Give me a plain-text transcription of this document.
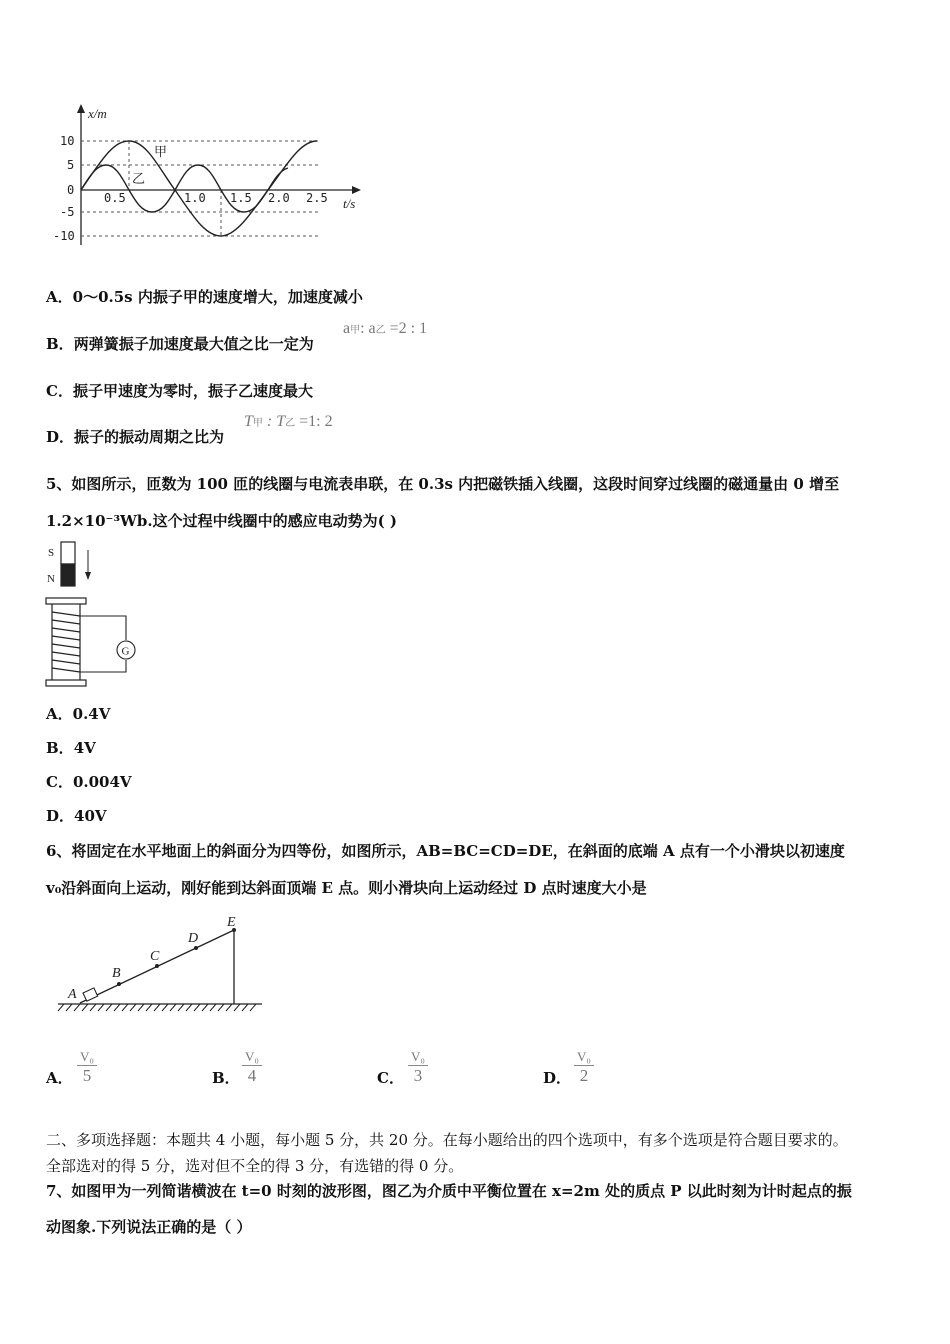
x/m
t/s
10
5
0
-5
-10
0.5	1.0 1.5 2.0 2.5
甲
乙
A．0～0.5s 内振子甲的速度增大，加速度减小
B．两弹簧振子加速度最大值之比一定为
a甲: a乙 =2 : 1
C．振子甲速度为零时，振子乙速度最大
D．振子的振动周期之比为
T甲 : T乙 =1: 2
5、如图所示，匝数为 100 匝的线圈与电流表串联，在 0.3s 内把磁铁插入线圈，这段时间穿过线圈的磁通量由 0 增至
1.2×10⁻³Wb.这个过程中线圈中的感应电动势为( )
S
N
G
A．0.4V
B．4V
C．0.004V
D．40V
6、将固定在水平地面上的斜面分为四等份，如图所示，AB=BC=CD=DE，在斜面的底端 A 点有一个小滑块以初速度
v₀沿斜面向上运动，刚好能到达斜面顶端 E 点。则小滑块向上运动经过 D 点时速度大小是
A
B
C
D
E
A．
V₀
5	B．
V₀
4	C．
V₀
3	D．
V₀
2
二、多项选择题：本题共 4 小题，每小题 5 分，共 20 分。在每小题给出的四个选项中，有多个选项是符合题目要求的。
全部选对的得 5 分，选对但不全的得 3 分，有选错的得 0 分。
7、如图甲为一列简谐横波在 t=0 时刻的波形图，图乙为介质中平衡位置在 x=2m 处的质点 P 以此时刻为计时起点的振
动图象.下列说法正确的是（ ）
